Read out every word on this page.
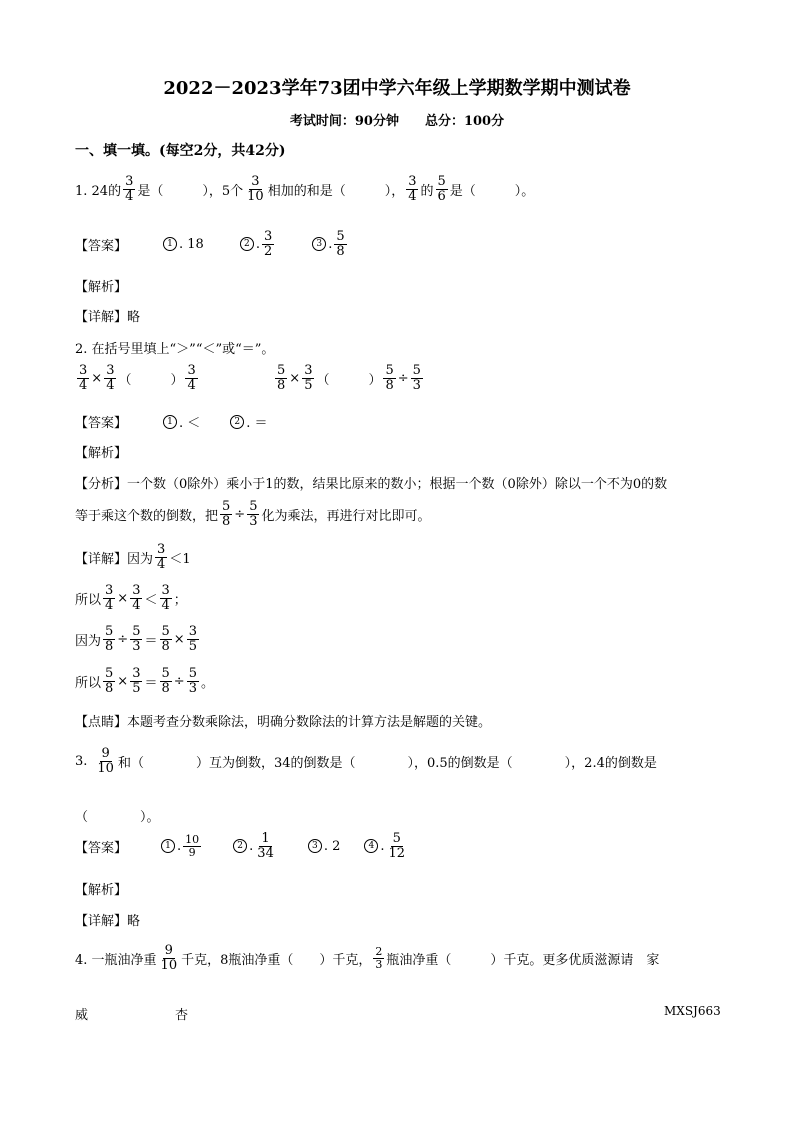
2022－2023学年73团中学六年级上学期数学期中测试卷
考试时间：90分钟　　总分：100分
一、填一填。(每空2分，共42分)
1. 24的 $\frac{3}{4}$ 是（　　　），5个 $\frac{3}{10}$ 相加的和是（　　　）， $\frac{3}{4}$ 的 $\frac{5}{6}$ 是（　　　）。
【答案】	1 . 18	2 . $\frac{3}{2}$	3 . $\frac{5}{8}$
【解析】
【详解】略
2. 在括号里填上“＞”“＜”或“＝”。
$\frac{3}{4} \times \frac{3}{4}$ （　　　） $\frac{3}{4}$	$\frac{5}{8} \times \frac{3}{5}$ （　　　） $\frac{5}{8} \div \frac{5}{3}$
【答案】	1 . ＜	2 . ＝
【解析】
【分析】一个数（0除外）乘小于1的数，结果比原来的数小；根据一个数（0除外）除以一个不为0的数
等于乘这个数的倒数，把 $\frac{5}{8} \div \frac{5}{3}$ 化为乘法，再进行对比即可。
【详解】 因为 $\frac{3}{4} <1$
所以 $\frac{3}{4} \times \frac{3}{4} < \frac{3}{4}$ ；
因为 $\frac{5}{8} \div \frac{5}{3} = \frac{5}{8} \times \frac{3}{5}$
所以 $\frac{5}{8} \times \frac{3}{5} = \frac{5}{8} \div \frac{5}{3}$ 。
【点睛】本题考查分数乘除法，明确分数除法的计算方法是解题的关键。
3. $\frac{9}{10}$ 和（　　　　）互为倒数，34的倒数是（　　　　），0.5的倒数是（　　　　），2.4的倒数是
（　　　　）。
【答案】	1 . $\frac{10}{9}$	2 . $\frac{1}{34}$	3 . 2	4 . $\frac{5}{12}$
【解析】
【详解】略
4. 一瓶油净重 $\frac{9}{10}$ 千克，8瓶油净重（　　）千克， $\frac{2}{3}$ 瓶油净重（　　　）千克。更多优质滋源请　家
威	杏	MXSJ663
